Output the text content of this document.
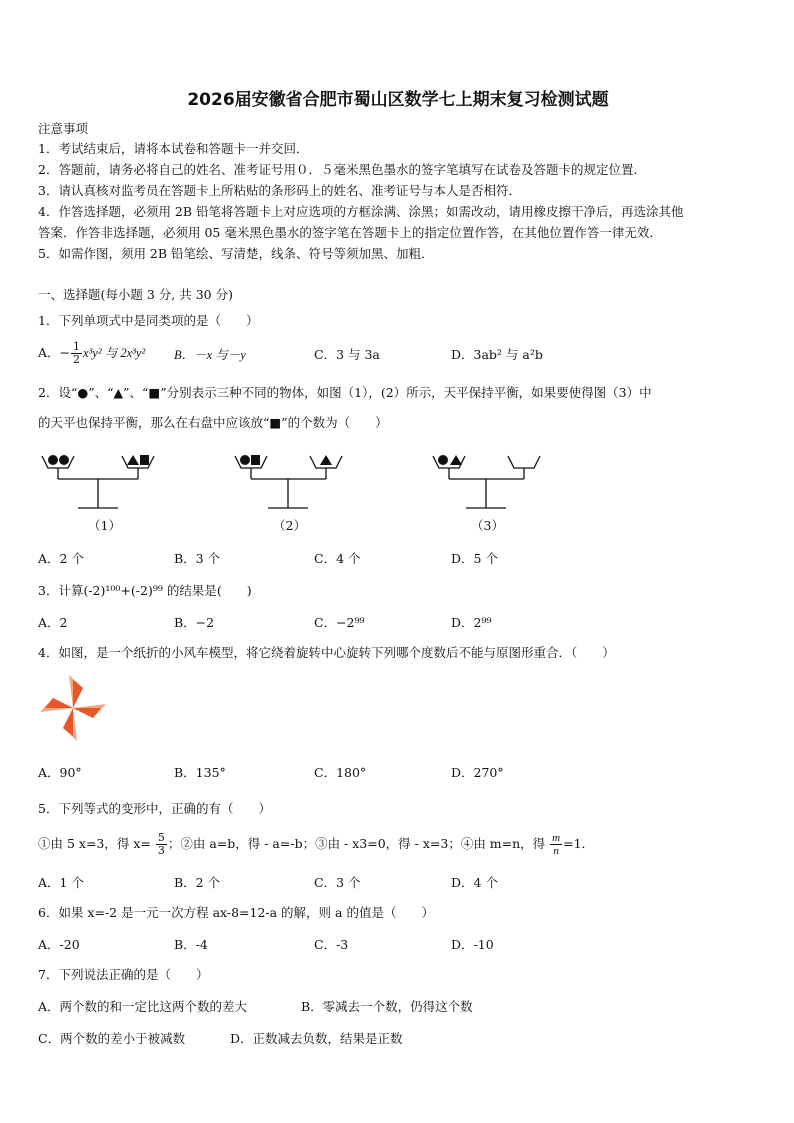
2026届安徽省合肥市蜀山区数学七上期末复习检测试题
注意事项
1．考试结束后，请将本试卷和答题卡一并交回．
2．答题前，请务必将自己的姓名、准考证号用０．５毫米黑色墨水的签字笔填写在试卷及答题卡的规定位置．
3．请认真核对监考员在答题卡上所粘贴的条形码上的姓名、准考证号与本人是否相符．
4．作答选择题，必须用 2B 铅笔将答题卡上对应选项的方框涂满、涂黑；如需改动，请用橡皮擦干净后，再选涂其他
答案．作答非选择题，必须用 05 毫米黑色墨水的签字笔在答题卡上的指定位置作答，在其他位置作答一律无效．
5．如需作图，须用 2B 铅笔绘、写清楚，线条、符号等须加黑、加粗．
一、选择题(每小题 3 分, 共 30 分)
1．下列单项式中是同类项的是（　　）
A．− $\frac{1}{2} x^3y^2$ 与 2x³y² B．－x 与－y	C．3 与 3a	D．3ab² 与 a²b
2．设“●”、“▲”、“■”分别表示三种不同的物体，如图（1），(2）所示，天平保持平衡，如果要使得图（3）中
的天平也保持平衡，那么在右盘中应该放“■”的个数为（　　）
（1）	（2）	（3）
A．2 个	B．3 个	C．4 个	D．5 个
3．计算(-2)¹⁰⁰+(-2)⁹⁹ 的结果是(　　)
A．2	B．−2	C．−2⁹⁹	D．2⁹⁹
4．如图，是一个纸折的小风车模型，将它绕着旋转中心旋转下列哪个度数后不能与原图形重合．（　　）
A．90°	B．135°	C．180°	D．270°
5．下列等式的变形中，正确的有（　　）
①由 5 x=3，得 $x= \frac{5}{3}$ ；②由 a=b，得 - a=-b；③由 - x3=0，得 - x=3；④由 m=n，得 $\frac{m}{n} =1$．
A．1 个	B．2 个	C．3 个	D．4 个
6．如果 x=-2 是一元一次方程 ax-8=12-a 的解，则 a 的值是（　　）
A．-20	B．-4	C．-3	D．-10
7．下列说法正确的是（　　）
A．两个数的和一定比这两个数的差大	B．零减去一个数，仍得这个数
C．两个数的差小于被减数	D．正数减去负数，结果是正数
